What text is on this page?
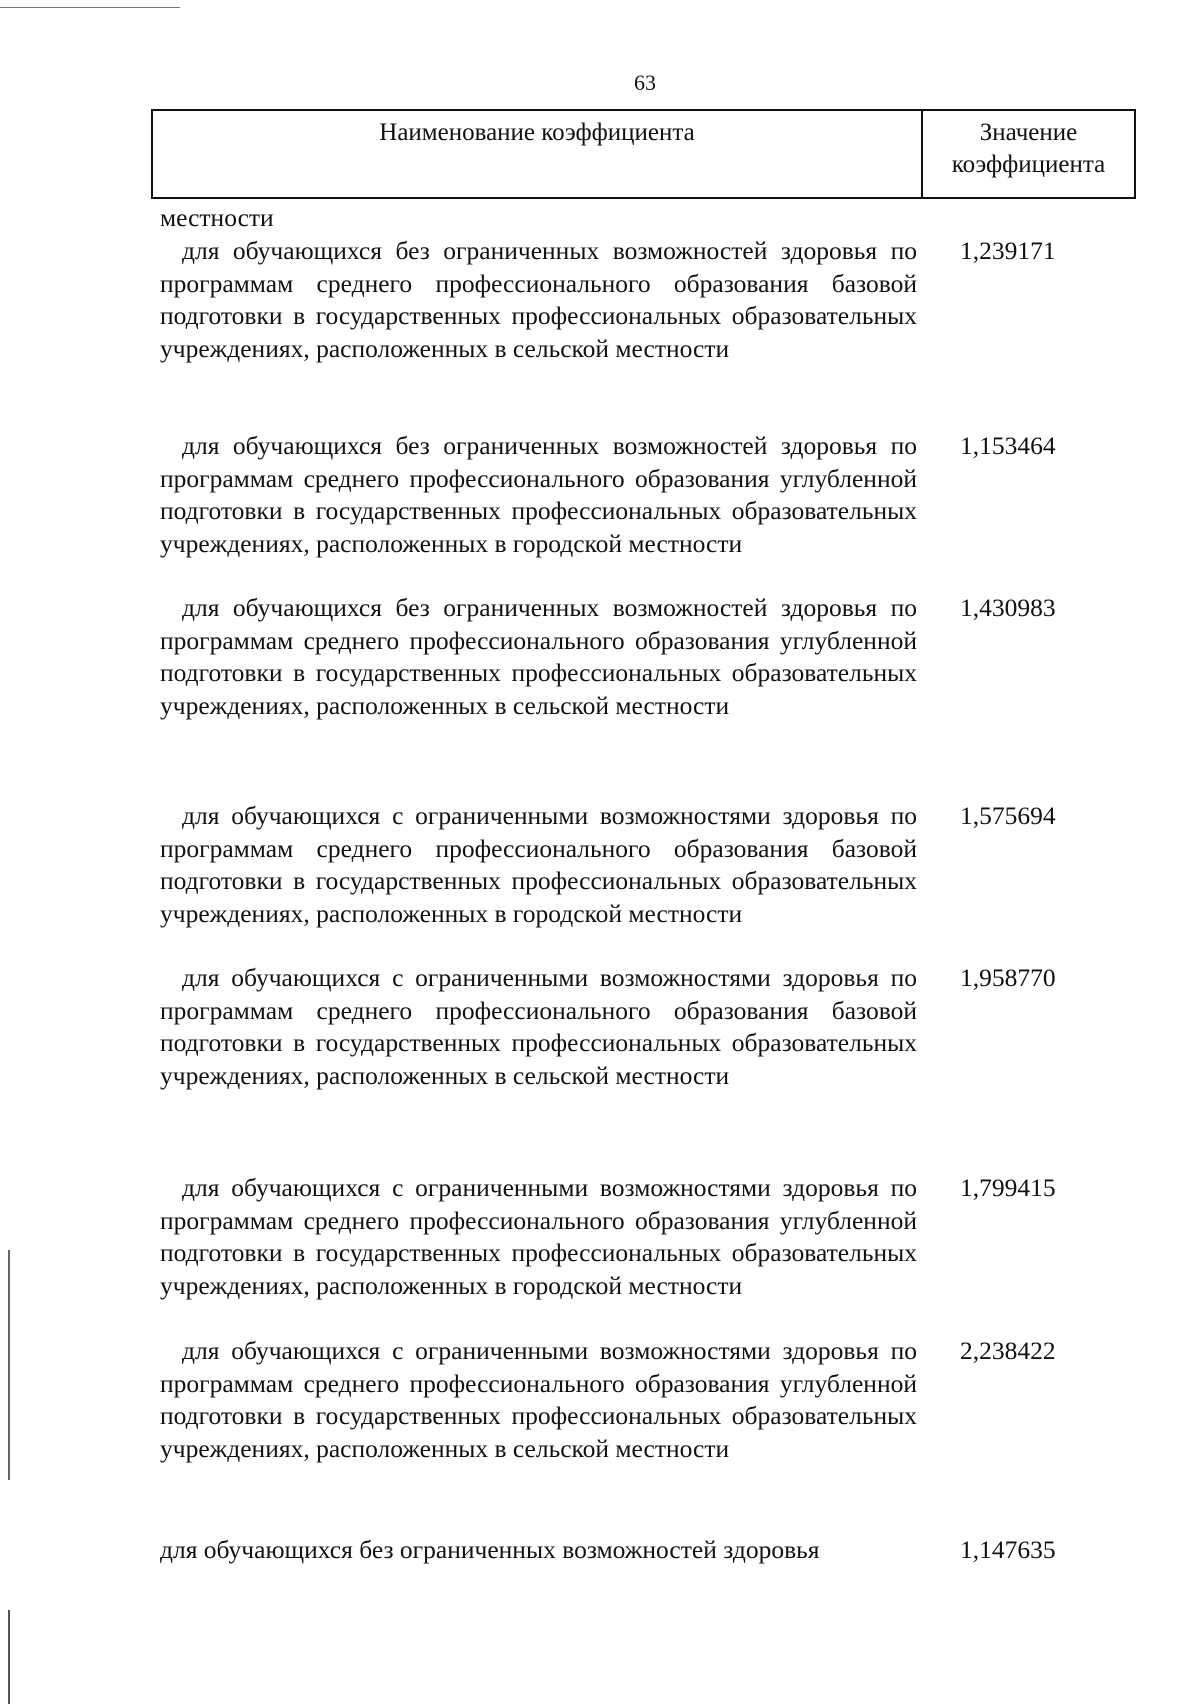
63
Наименование коэффициента	Значение
коэффициента
местности
для обучающихся без ограниченных возможностей здоровья по программам среднего профессионального образования базовой подготовки в государственных профессиональных образовательных учреждениях, расположенных в сельской местности
1,239171
для обучающихся без ограниченных возможностей здоровья по программам среднего профессионального образования углубленной подготовки в государственных профессиональных образовательных учреждениях, расположенных в городской местности
1,153464
для обучающихся без ограниченных возможностей здоровья по программам среднего профессионального образования углубленной подготовки в государственных профессиональных образовательных учреждениях, расположенных в сельской местности
1,430983
для обучающихся с ограниченными возможностями здоровья по программам среднего профессионального образования базовой подготовки в государственных профессиональных образовательных учреждениях, расположенных в городской местности
1,575694
для обучающихся с ограниченными возможностями здоровья по программам среднего профессионального образования базовой подготовки в государственных профессиональных образовательных учреждениях, расположенных в сельской местности
1,958770
для обучающихся с ограниченными возможностями здоровья по программам среднего профессионального образования углубленной подготовки в государственных профессиональных образовательных учреждениях, расположенных в городской местности
1,799415
для обучающихся с ограниченными возможностями здоровья по программам среднего профессионального образования углубленной подготовки в государственных профессиональных образовательных учреждениях, расположенных в сельской местности
2,238422
для обучающихся без ограниченных возможностей здоровья	1,147635
